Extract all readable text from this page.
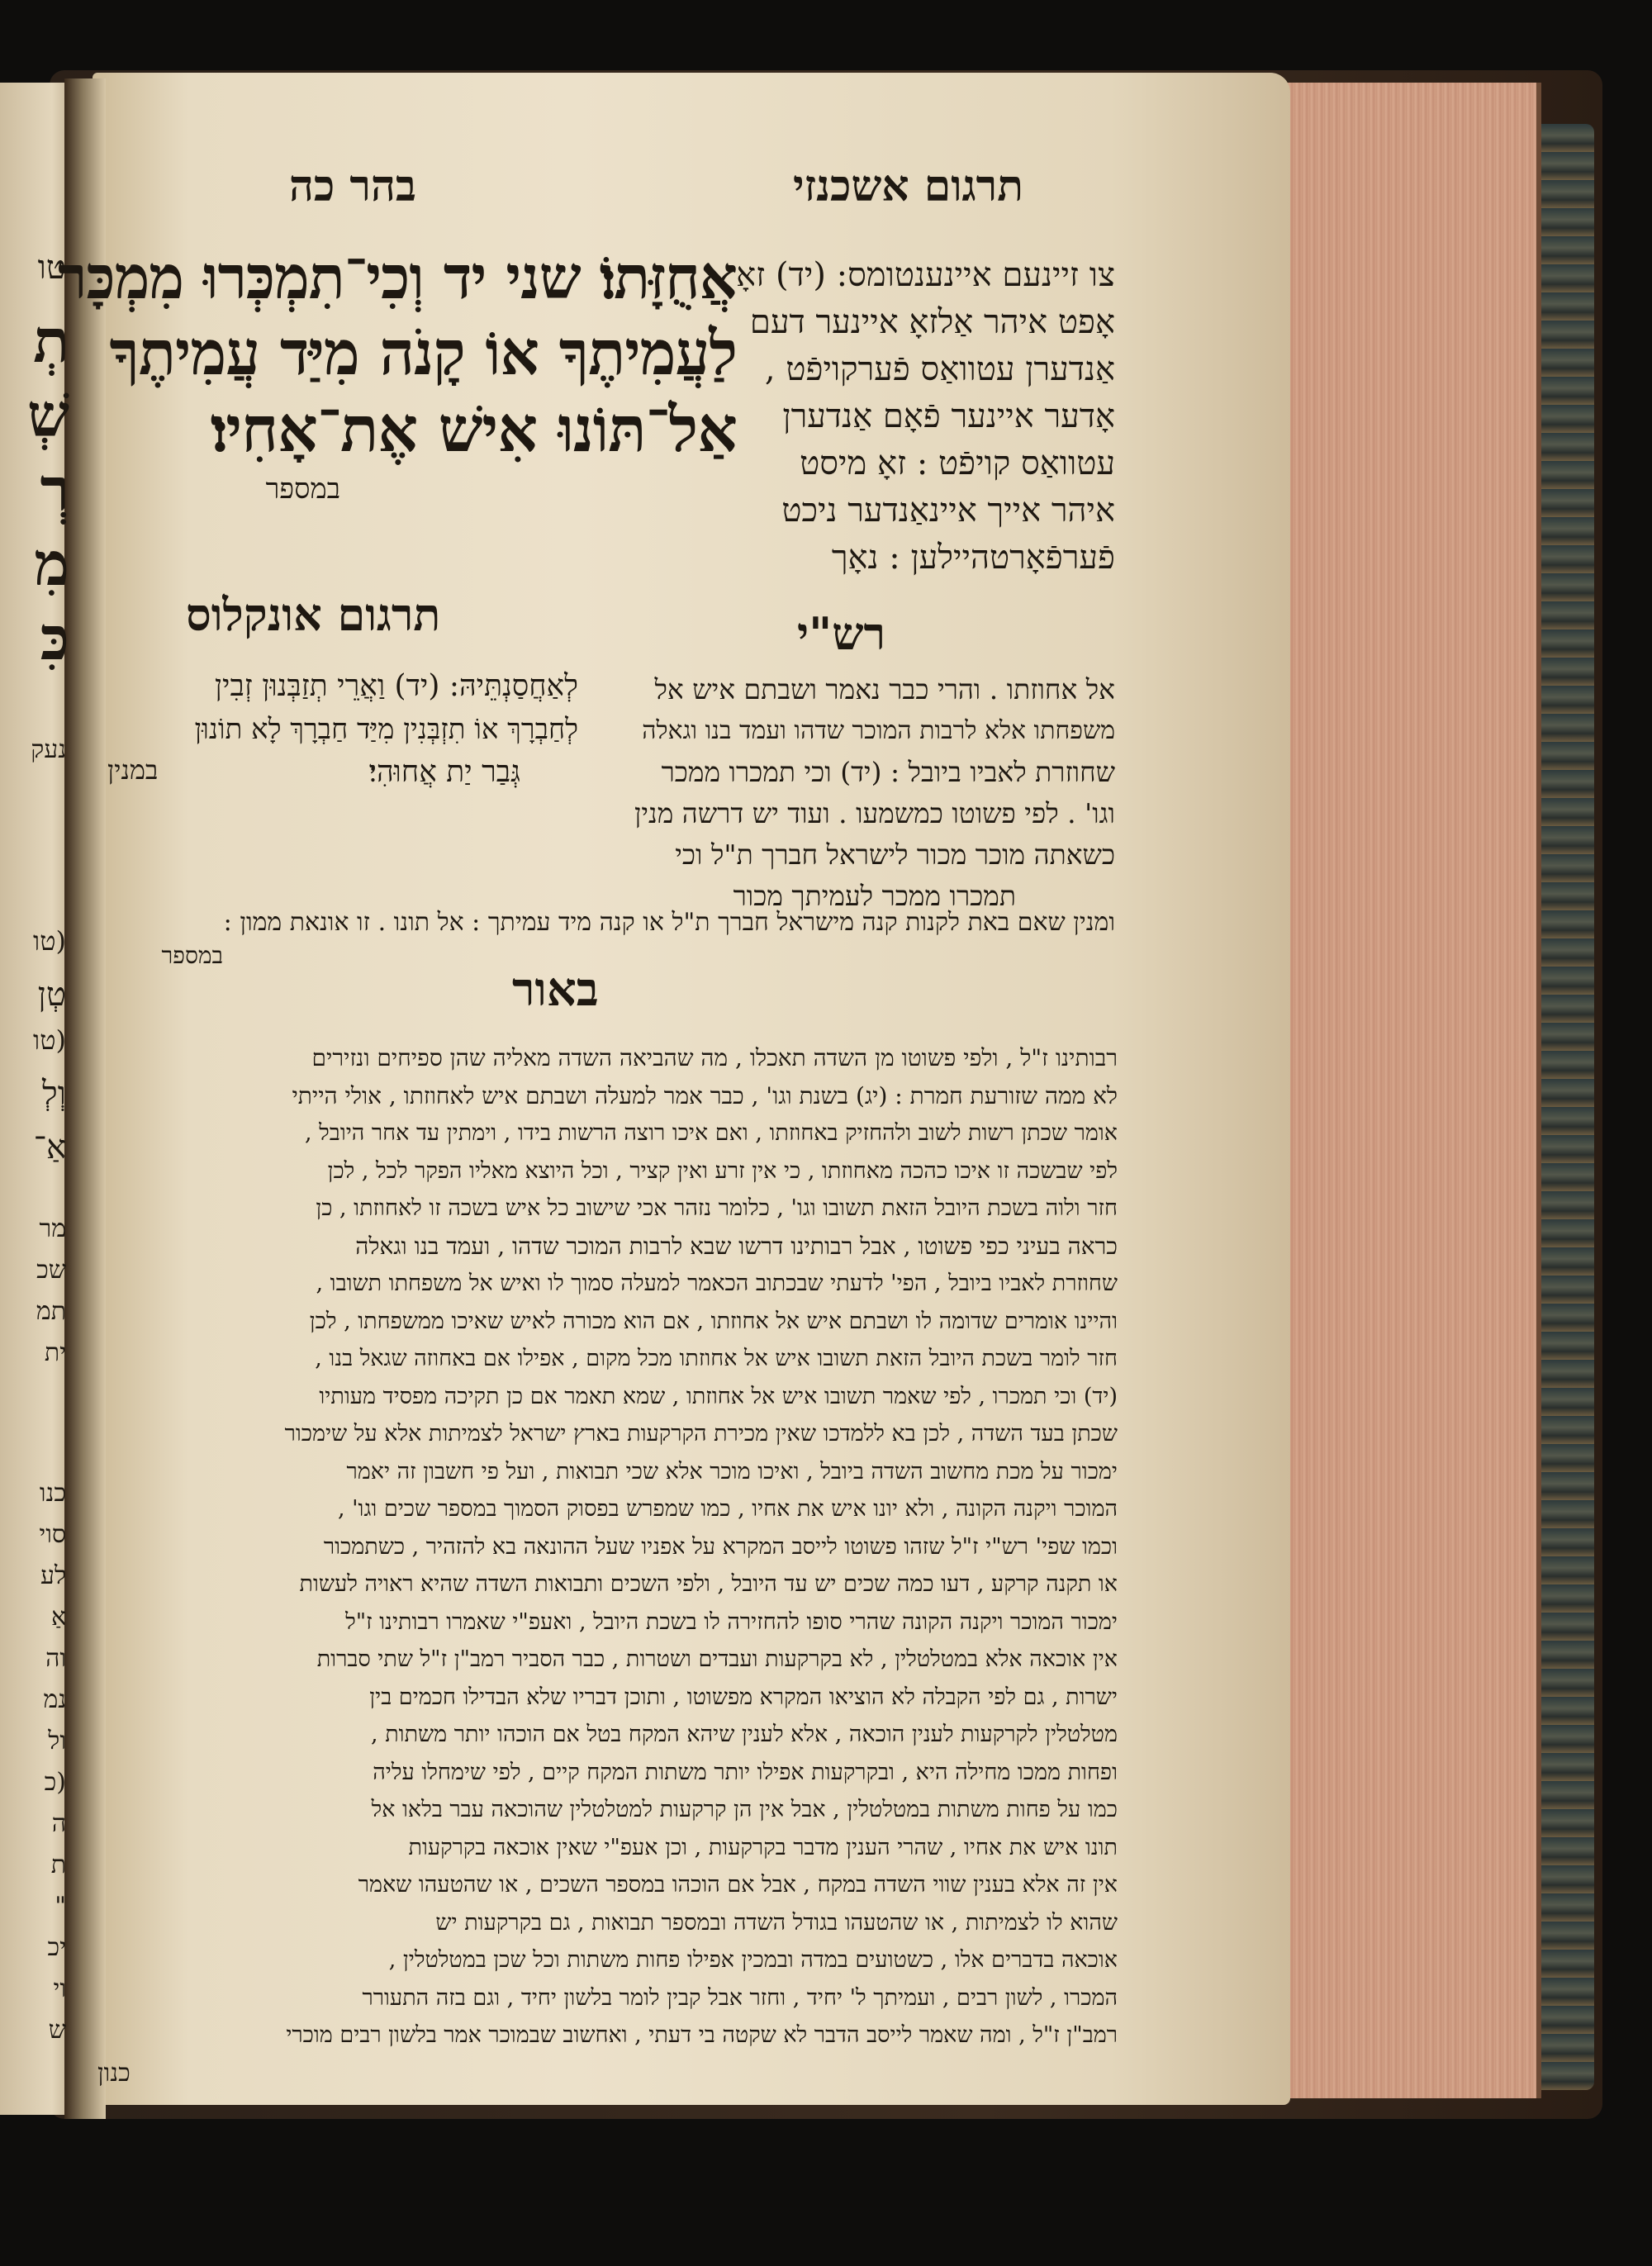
טו
תְ
שְׁ
רְ
מִ
כִּ
נעק
(טו
טְן
(טו
וְלְ
אַ־
מר
שכ
תמ
ית
כנו
סוי
לע
אַ
וה
נמ
ול
(כ
ה
ת
"
יכ
וי
ש
תרגום אשכנזי
בהר כה
אֲחֻזָּתוֹ׃ שני יד וְכִי־תִמְכְּרוּ מִמְכָּר
לַעֲמִיתֶךָ אוֹ קָנֹה מִיַּד עֲמִיתֶךָ
אַל־תּוֹנוּ אִישׁ אֶת־אָחִיו׃
במספר
צו זיינעם איינענטומס: (יד) זאָ
אָפט איהר אַלזאָ איינער דעם
אַנדערן עטוואַס פֿערקויפֿט ,
אָדער איינער פֿאָם אַנדערן
עטוואַס קויפֿט : זאָ מיסט
איהר אייך איינאַנדער ניכט
פֿערפֿאָרטהיילען : נאָך
תרגום אונקלוס	רש"י
לְאַחֲסַנְתֵּיהּ: (יד) וַאֲרֵי תְזַבְּנוּן זְבִין
לְחַבְרָךְ אוֹ תִזְבְּנִין מִיַּד חַבְרָךְ לָא תוֹנוּן
גְּבַר יַת אֲחוּהִי׃
במנין
אל אחוזתו . והרי כבר נאמר ושבתם איש אל
משפחתו אלא לרבות המוכר שדהו ועמד בנו וגאלה
שחוזרת לאביו ביובל : (יד) וכי תמכרו ממכר
וגו' . לפי פשוטו כמשמעו . ועוד יש דרשה מנין
כשאתה מוכר מכור לישראל חברך ת"ל וכי
תמכרו ממכר לעמיתך מכור
ומנין שאם באת לקנות קנה מישראל חברך ת"ל או קנה מיד עמיתך : אל תונו . זו אונאת ממון :
במספר
באור
רבותינו ז"ל , ולפי פשוטו מן השדה תאכלו , מה שהביאה השדה מאליה שהן ספיחים ונזירים
לא ממה שזורעת חמרת : (יג) בשנת וגו' , כבר אמר למעלה ושבתם איש לאחוזתו , אולי הייתי
אומר שכתן רשות לשוב ולהחזיק באחוזתו , ואם איכו רוצה הרשות בידו , וימתין עד אחר היובל ,
לפי שבשכה זו איכו כהכה מאחוזתו , כי אין זרע ואין קציר , וכל היוצא מאליו הפקר לכל , לכן
חזר ולוה בשכת היובל הזאת תשובו וגו' , כלומר נזהר אכי שישוב כל איש בשכה זו לאחוזתו , כן
כראה בעיני כפי פשוטו , אבל רבותינו דרשו שבא לרבות המוכר שדהו , ועמד בנו וגאלה
שחוזרת לאביו ביובל , הפי' לדעתי שבכתוב הכאמר למעלה סמוך לו ואיש אל משפחתו תשובו ,
והיינו אומרים שדומה לו ושבתם איש אל אחוזתו , אם הוא מכורה לאיש שאיכו ממשפחתו , לכן
חזר לומר בשכת היובל הזאת תשובו איש אל אחוזתו מכל מקום , אפילו אם באחוזה שגאל בנו ,
(יד) וכי תמכרו , לפי שאמר תשובו איש אל אחוזתו , שמא תאמר אם כן תקיכה מפסיד מעותיו
שכתן בעד השדה , לכן בא ללמדכו שאין מכירת הקרקעות בארץ ישראל לצמיתות אלא על שימכור
ימכור על מכת מחשוב השדה ביובל , ואיכו מוכר אלא שכי תבואות , ועל פי חשבון זה יאמר
המוכר ויקנה הקונה , ולא יונו איש את אחיו , כמו שמפרש בפסוק הסמוך במספר שכים וגו' ,
וכמו שפי' רש"י ז"ל שזהו פשוטו לייסב המקרא על אפניו שעל ההונאה בא להזהיר , כשתמכור
או תקנה קרקע , דעו כמה שכים יש עד היובל , ולפי השכים ותבואות השדה שהיא ראויה לעשות
ימכור המוכר ויקנה הקונה שהרי סופו להחזירה לו בשכת היובל , ואעפ"י שאמרו רבותינו ז"ל
אין אוכאה אלא במטלטלין , לא בקרקעות ועבדים ושטרות , כבר הסביר רמב"ן ז"ל שתי סברות
ישרות , גם לפי הקבלה לא הוציאו המקרא מפשוטו , ותוכן דבריו שלא הבדילו חכמים בין
מטלטלין לקרקעות לענין הוכאה , אלא לענין שיהא המקח בטל אם הוכהו יותר משתות ,
ופחות ממכו מחילה היא , ובקרקעות אפילו יותר משתות המקח קיים , לפי שימחלו עליה
כמו על פחות משתות במטלטלין , אבל אין הן קרקעות למטלטלין שהוכאה עבר בלאו אל
תונו איש את אחיו , שהרי הענין מדבר בקרקעות , וכן אעפ"י שאין אוכאה בקרקעות
אין זה אלא בענין שווי השדה במקח , אבל אם הוכהו במספר השכים , או שהטעהו שאמר
שהוא לו לצמיתות , או שהטעהו בגודל השדה ובמספר תבואות , גם בקרקעות יש
אוכאה בדברים אלו , כשטועים במדה ובמכין אפילו פחות משתות וכל שכן במטלטלין ,
המכרו , לשון רבים , ועמיתך ל' יחיד , וחזר אבל קבין לומר בלשון יחיד , וגם בזה התעורר
רמב"ן ז"ל , ומה שאמר לייסב הדבר לא שקטה בי דעתי , ואחשוב שבמוכר אמר בלשון רבים מוכרי
כנון
